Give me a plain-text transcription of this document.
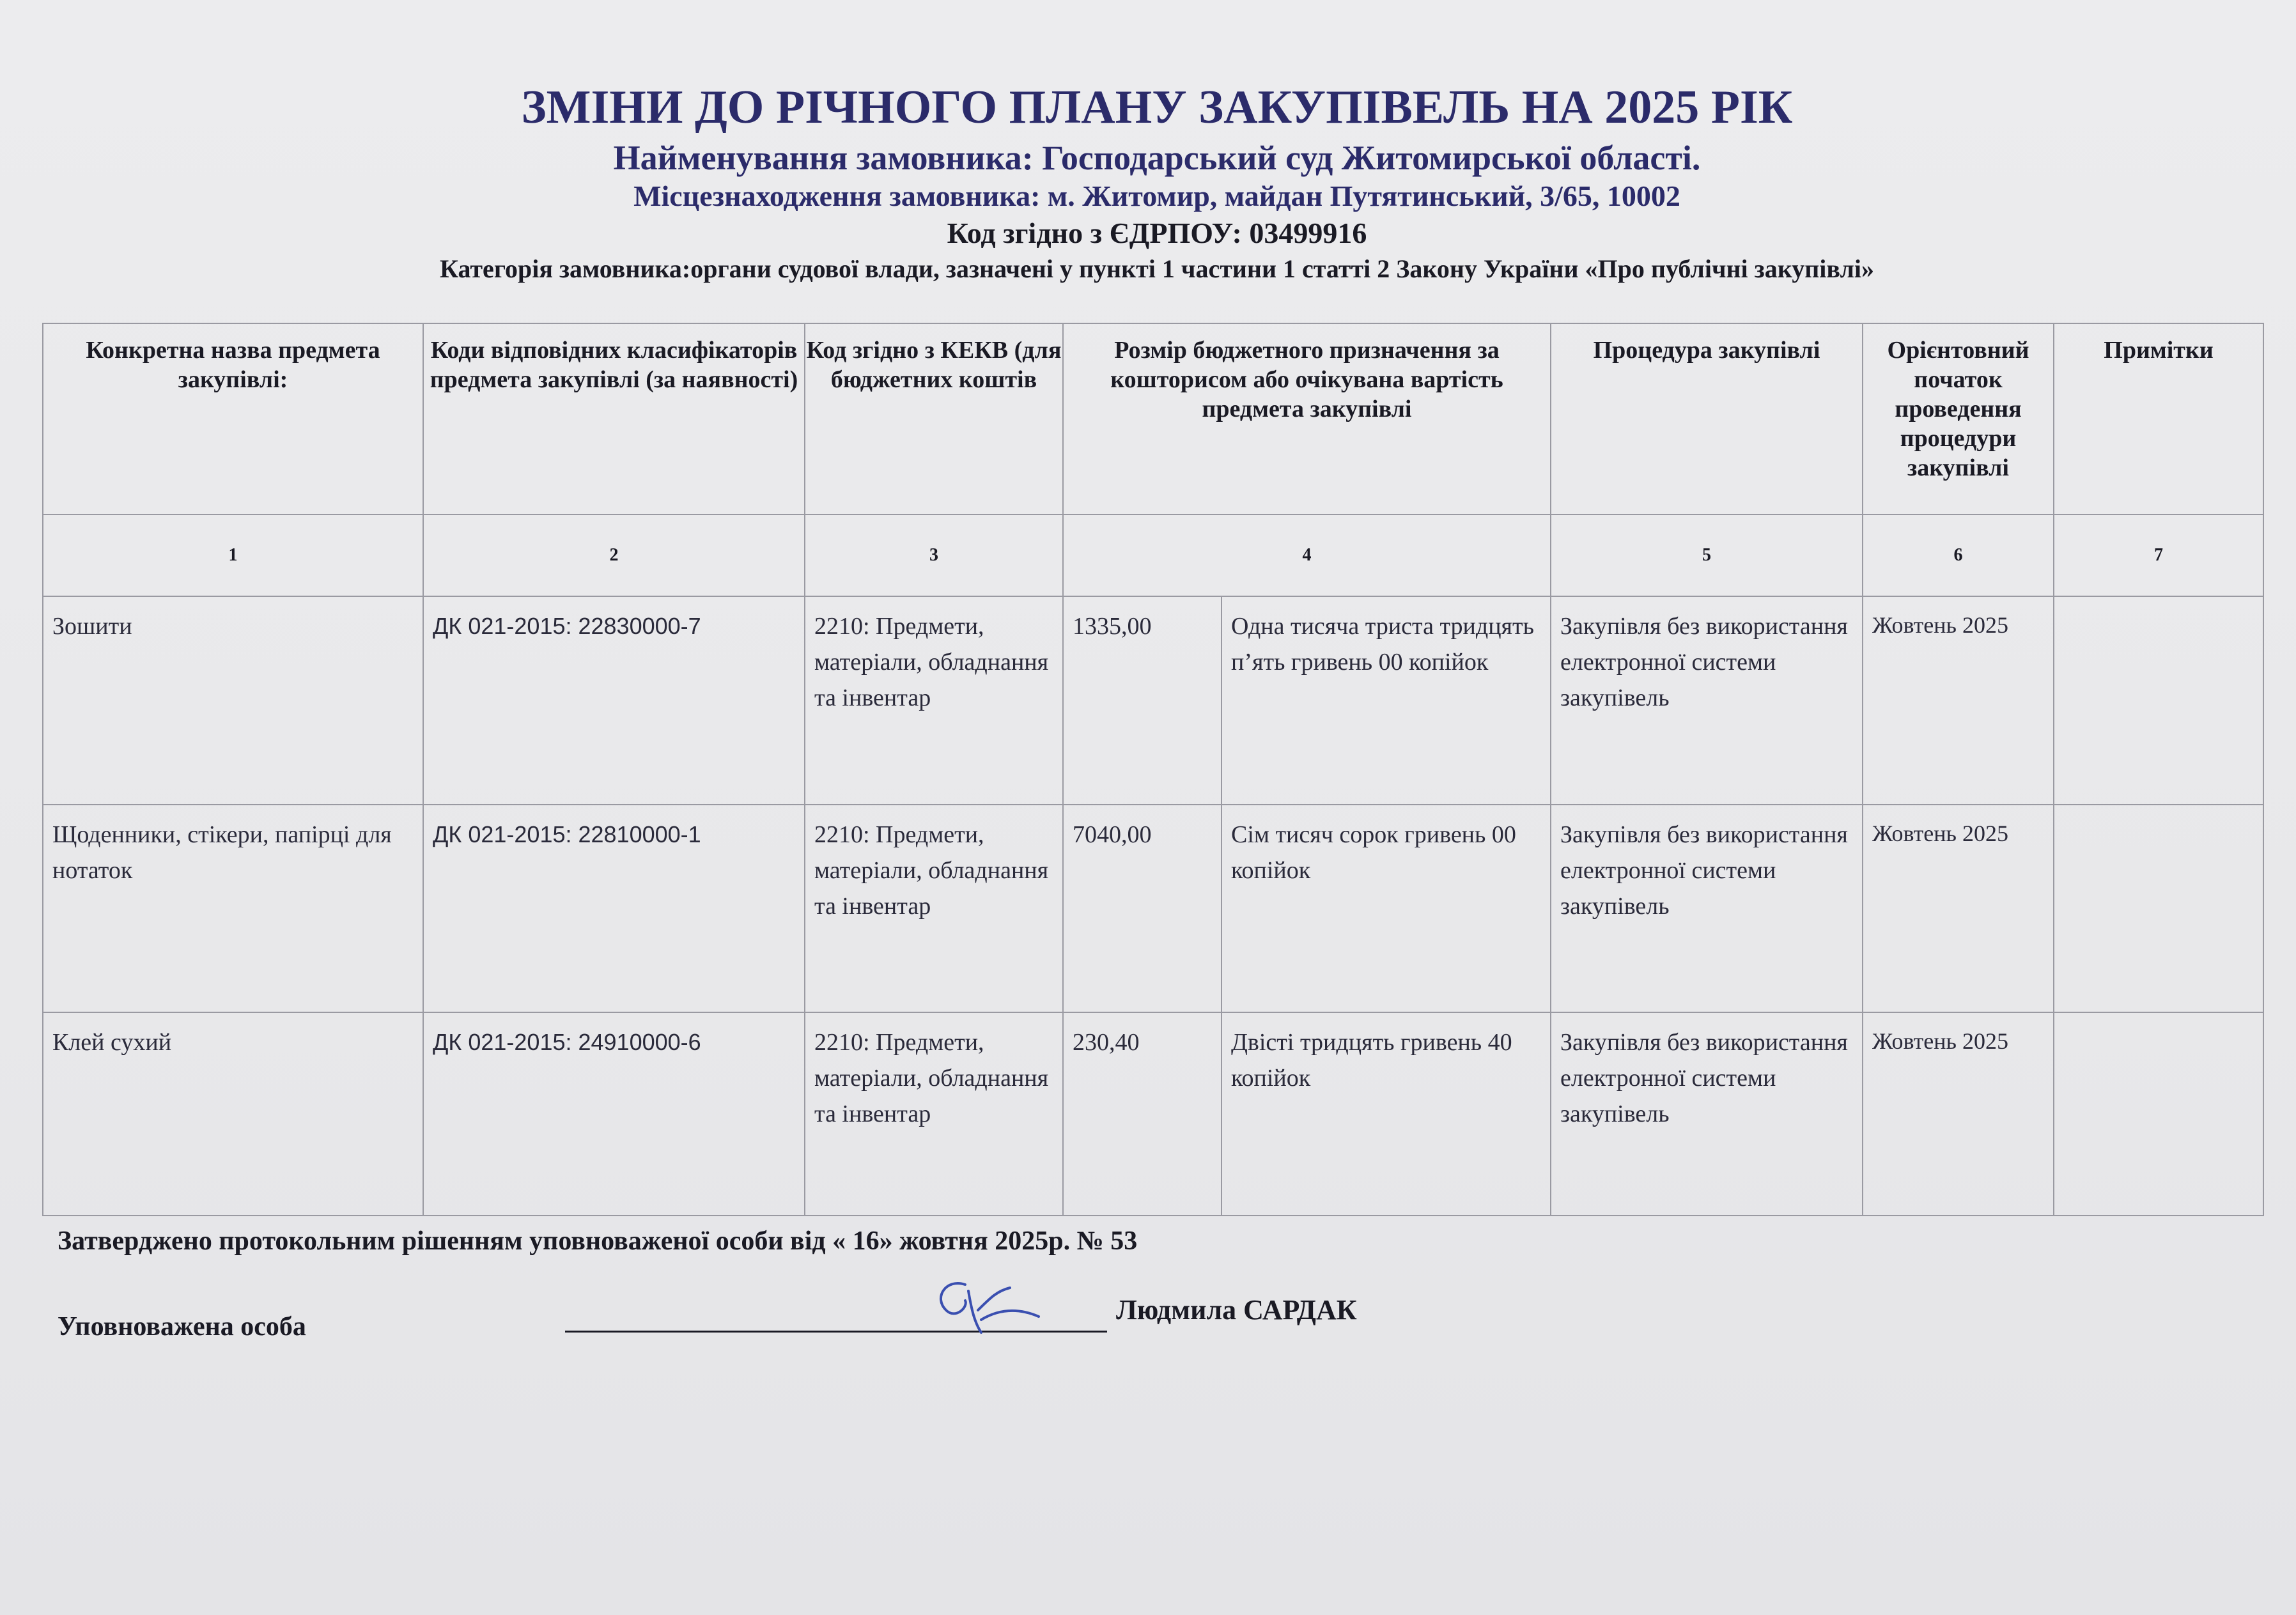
ЗМІНИ ДО РІЧНОГО ПЛАНУ ЗАКУПІВЕЛЬ НА 2025 РІК
Найменування замовника: Господарський суд Житомирської області.
Місцезнаходження замовника: м. Житомир, майдан Путятинський, 3/65, 10002
Код згідно з ЄДРПОУ: 03499916
Категорія замовника:органи судової влади, зазначені у пункті 1 частини 1 статті 2 Закону України «Про публічні закупівлі»
Конкретна назва предмета закупівлі:	Коди відповідних класифікаторів предмета закупівлі (за наявності)	Код згідно з КЕКВ (для бюджетних коштів	Розмір бюджетного призначення за кошторисом або очікувана вартість предмета закупівлі		Процедура закупівлі	Орієнтовний початок проведення процедури закупівлі	Примітки
1	2	3	4		5	6	7
Зошити	ДК 021-2015: 22830000-7	2210: Предмети, матеріали, обладнання та інвентар	1335,00	Одна тисяча триста тридцять п’ять гривень 00 копійок	Закупівля без використання електронної системи закупівель	Жовтень 2025	
Щоденники, стікери, папірці для нотаток	ДК 021-2015: 22810000-1	2210: Предмети, матеріали, обладнання та інвентар	7040,00	Сім тисяч сорок гривень 00 копійок	Закупівля без використання електронної системи закупівель	Жовтень 2025	
Клей сухий	ДК 021-2015: 24910000-6	2210: Предмети, матеріали, обладнання та інвентар	230,40	Двісті тридцять гривень 40 копійок	Закупівля без використання електронної системи закупівель	Жовтень 2025	
Затверджено протокольним рішенням уповноваженої особи від « 16» жовтня 2025р. № 53
Уповноважена особа
Людмила САРДАК
